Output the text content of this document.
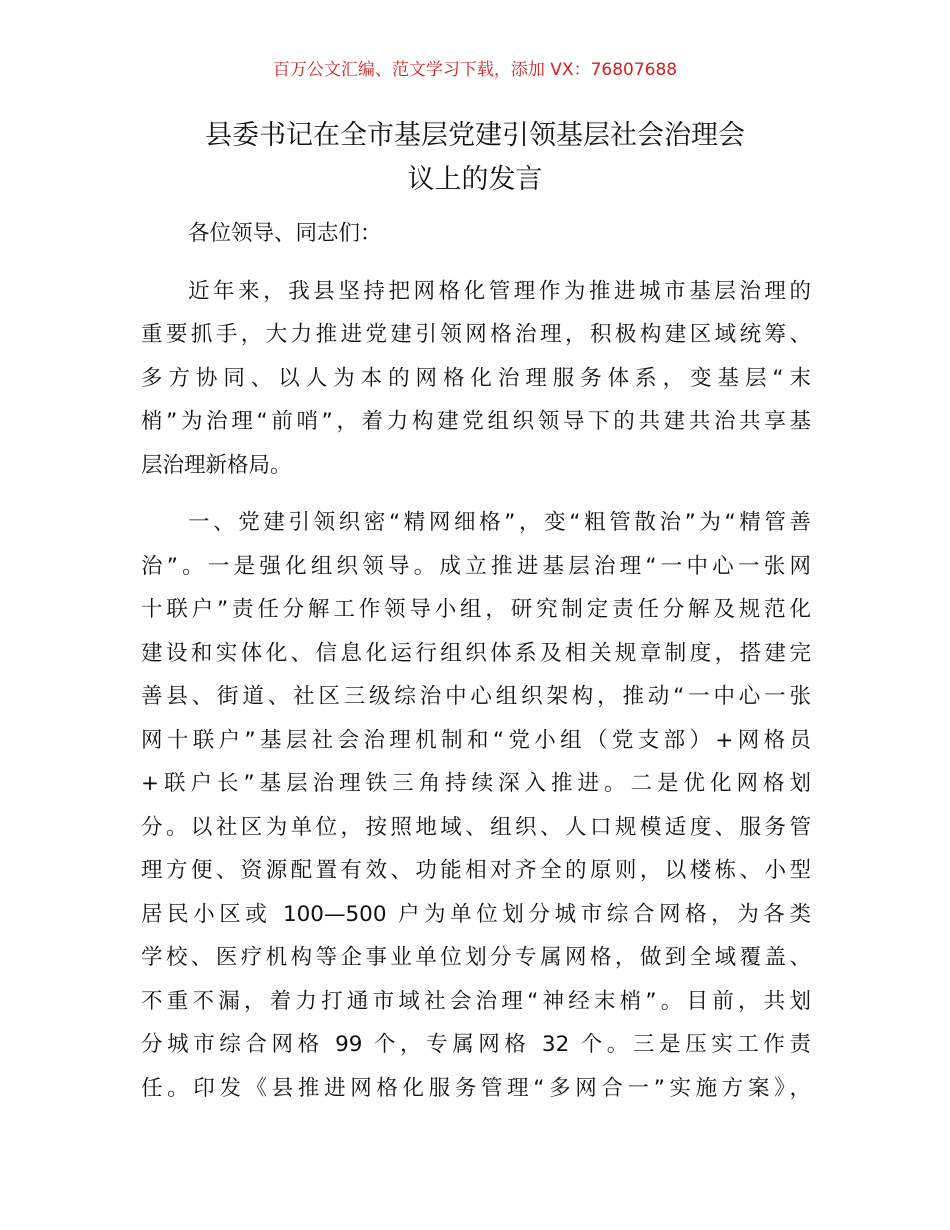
百万公文汇编、范文学习下载，添加 VX：76807688
县委书记在全市基层党建引领基层社会治理会
议上的发言
各位领导、同志们：
近年来，我县坚持把网格化管理作为推进城市基层治理的
重要抓手，大力推进党建引领网格治理，积极构建区域统筹、
多方协同、以人为本的网格化治理服务体系，变基层“末
梢”为治理“前哨”，着力构建党组织领导下的共建共治共享基
层治理新格局。
一、党建引领织密“精网细格”，变“粗管散治”为“精管善
治”。一是强化组织领导。成立推进基层治理“一中心一张网
十联户”责任分解工作领导小组，研究制定责任分解及规范化
建设和实体化、信息化运行组织体系及相关规章制度，搭建完
善县、街道、社区三级综治中心组织架构，推动“一中心一张
网十联户”基层社会治理机制和“党小组（党支部）+网格员
+联户长”基层治理铁三角持续深入推进。二是优化网格划
分。以社区为单位，按照地域、组织、人口规模适度、服务管
理方便、资源配置有效、功能相对齐全的原则，以楼栋、小型
居民小区或 100—500 户为单位划分城市综合网格，为各类
学校、医疗机构等企事业单位划分专属网格，做到全域覆盖、
不重不漏，着力打通市域社会治理“神经末梢”。目前，共划
分城市综合网格 99 个，专属网格 32 个。三是压实工作责
任。印发《县推进网格化服务管理“多网合一”实施方案》，
